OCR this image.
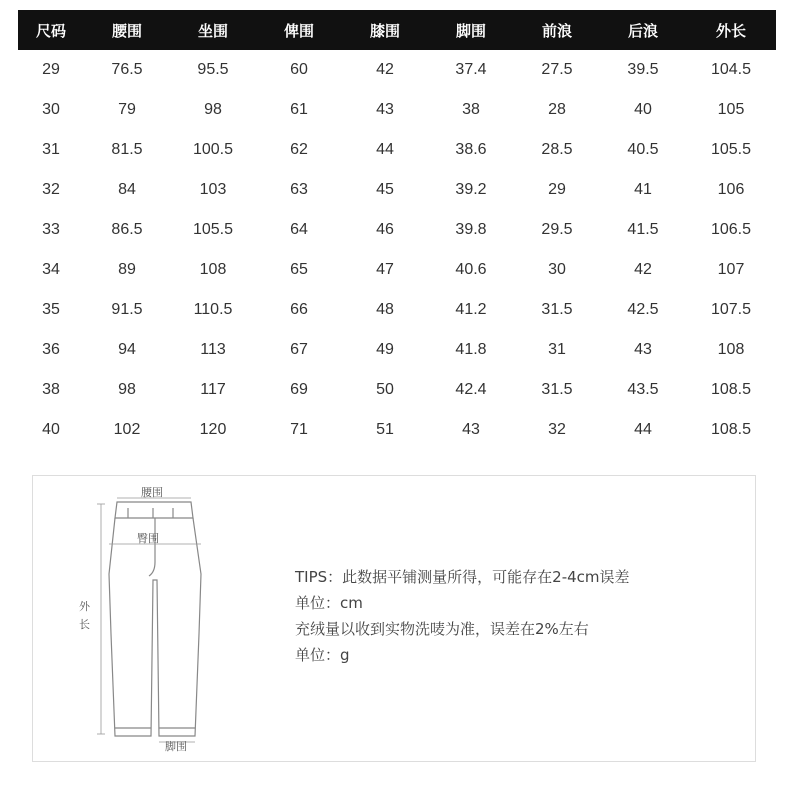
尺码	腰围	坐围	俾围	膝围	脚围	前浪	后浪	外长
29	76.5	95.5	60	42	37.4	27.5	39.5	104.5
30	79	98	61	43	38	28	40	105
31	81.5	100.5	62	44	38.6	28.5	40.5	105.5
32	84	103	63	45	39.2	29	41	106
33	86.5	105.5	64	46	39.8	29.5	41.5	106.5
34	89	108	65	47	40.6	30	42	107
35	91.5	110.5	66	48	41.2	31.5	42.5	107.5
36	94	113	67	49	41.8	31	43	108
38	98	117	69	50	42.4	31.5	43.5	108.5
40	102	120	71	51	43	32	44	108.5
腰围
臀围
外
长
脚围
TIPS：此数据平铺测量所得，可能存在2-4cm误差
单位：cm
充绒量以收到实物洗唛为准，误差在2%左右
单位：g
